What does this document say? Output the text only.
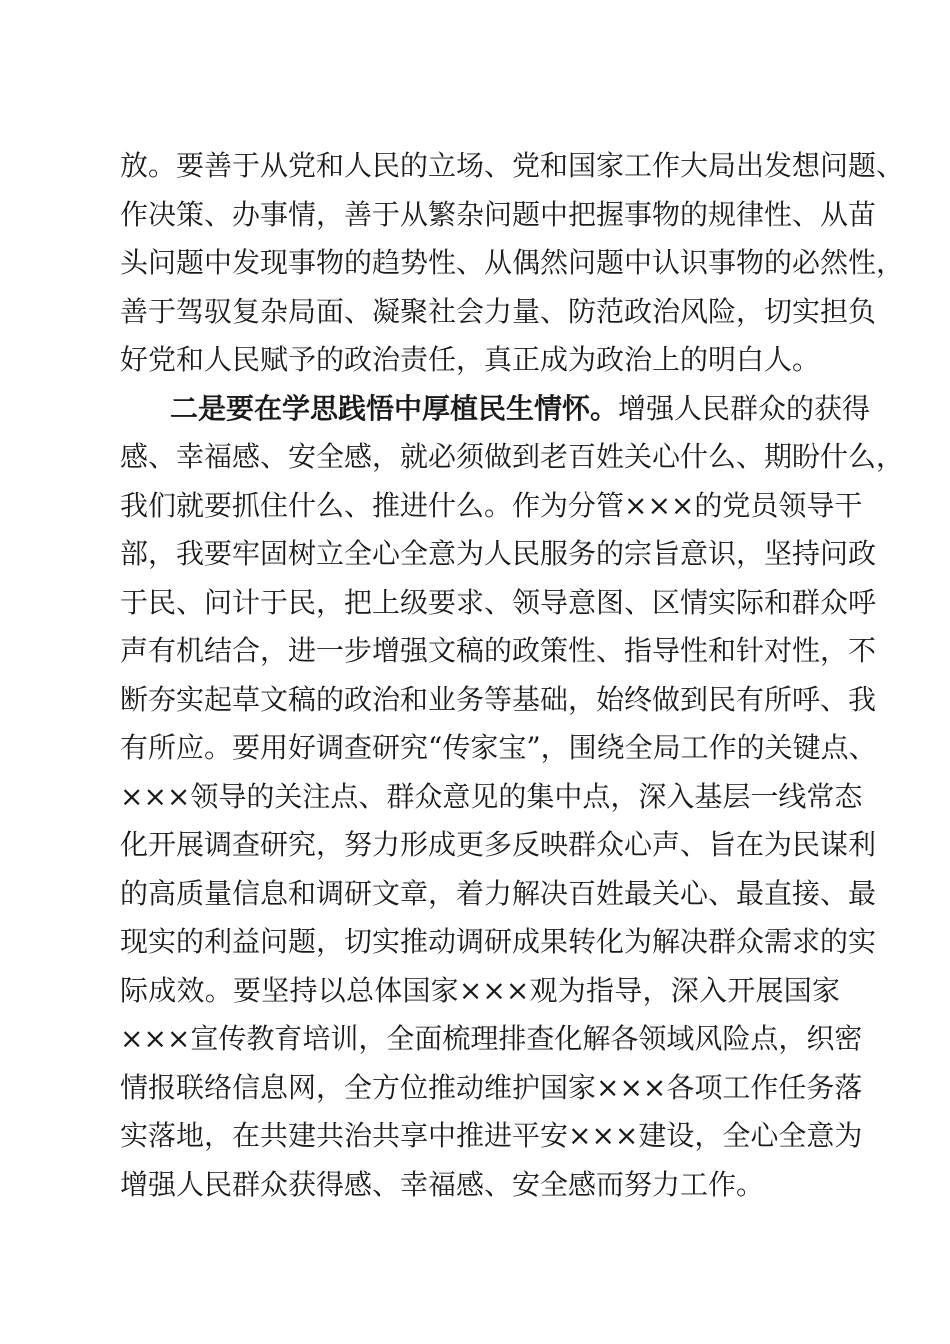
放。要善于从党和人民的立场、党和国家工作大局出发想问题、
作决策、办事情，善于从繁杂问题中把握事物的规律性、从苗
头问题中发现事物的趋势性、从偶然问题中认识事物的必然性，
善于驾驭复杂局面、凝聚社会力量、防范政治风险，切实担负
好党和人民赋予的政治责任，真正成为政治上的明白人。
二是要在学思践悟中厚植民生情怀。增强人民群众的获得
感、幸福感、安全感，就必须做到老百姓关心什么、期盼什么，
我们就要抓住什么、推进什么。作为分管×××的党员领导干
部，我要牢固树立全心全意为人民服务的宗旨意识，坚持问政
于民、问计于民，把上级要求、领导意图、区情实际和群众呼
声有机结合，进一步增强文稿的政策性、指导性和针对性，不
断夯实起草文稿的政治和业务等基础，始终做到民有所呼、我
有所应。要用好调查研究“传家宝”，围绕全局工作的关键点、
×××领导的关注点、群众意见的集中点，深入基层一线常态
化开展调查研究，努力形成更多反映群众心声、旨在为民谋利
的高质量信息和调研文章，着力解决百姓最关心、最直接、最
现实的利益问题，切实推动调研成果转化为解决群众需求的实
际成效。要坚持以总体国家×××观为指导，深入开展国家
×××宣传教育培训，全面梳理排查化解各领域风险点，织密
情报联络信息网，全方位推动维护国家×××各项工作任务落
实落地，在共建共治共享中推进平安×××建设，全心全意为
增强人民群众获得感、幸福感、安全感而努力工作。
